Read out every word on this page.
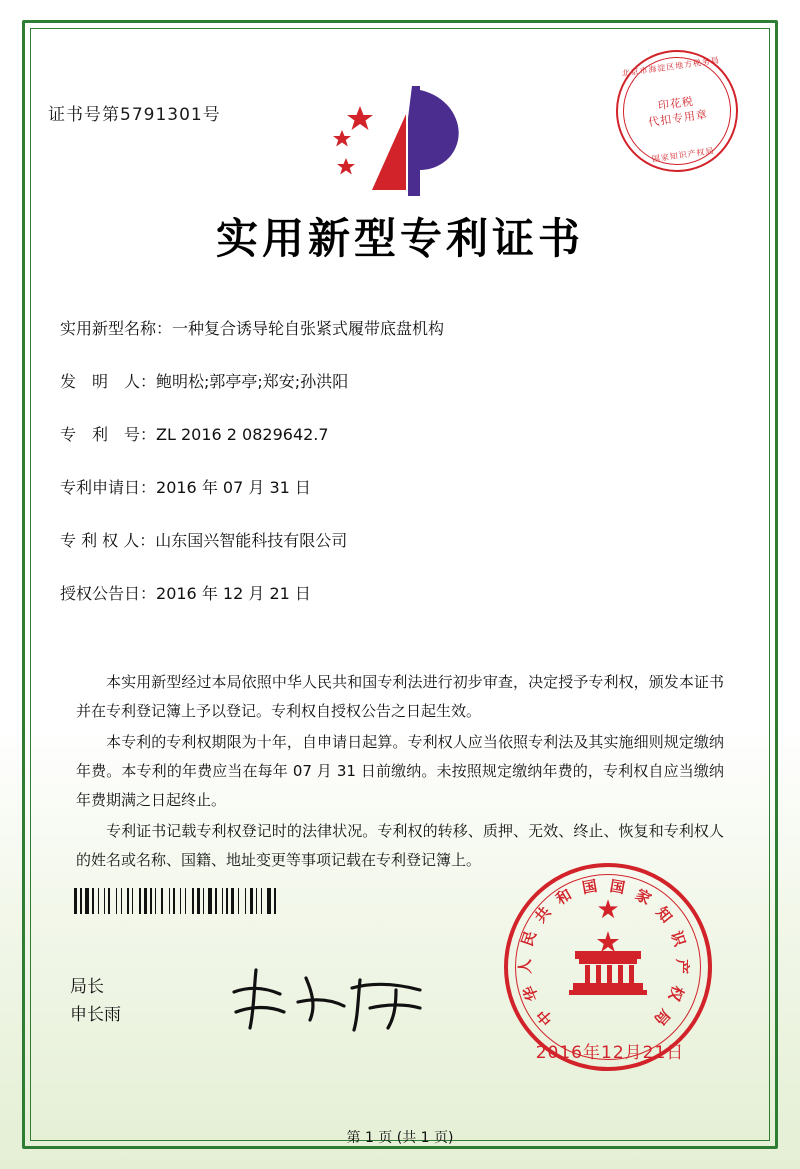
证书号第5791301号
北京市海淀区地方税务局
印花税
代扣专用章
国家知识产权局
实用新型专利证书
实用新型名称： 一种复合诱导轮自张紧式履带底盘机构
发　明　人： 鲍明松;郭亭亭;郑安;孙洪阳
专　利　号： ZL 2016 2 0829642.7
专利申请日： 2016 年 07 月 31 日
专 利 权 人： 山东国兴智能科技有限公司
授权公告日： 2016 年 12 月 21 日

本实用新型经过本局依照中华人民共和国专利法进行初步审查，决定授予专利权，颁发本证书并在专利登记簿上予以登记。专利权自授权公告之日起生效。

本专利的专利权期限为十年，自申请日起算。专利权人应当依照专利法及其实施细则规定缴纳年费。本专利的年费应当在每年 07 月 31 日前缴纳。未按照规定缴纳年费的，专利权自应当缴纳年费期满之日起终止。

专利证书记载专利权登记时的法律状况。专利权的转移、质押、无效、终止、恢复和专利权人的姓名或名称、国籍、地址变更等事项记载在专利登记簿上。

局长
申长雨
★
中
华
人
民
共
和 国 国 家
知
识
产
权
局
2016年12月21日
第 1 页 (共 1 页)
